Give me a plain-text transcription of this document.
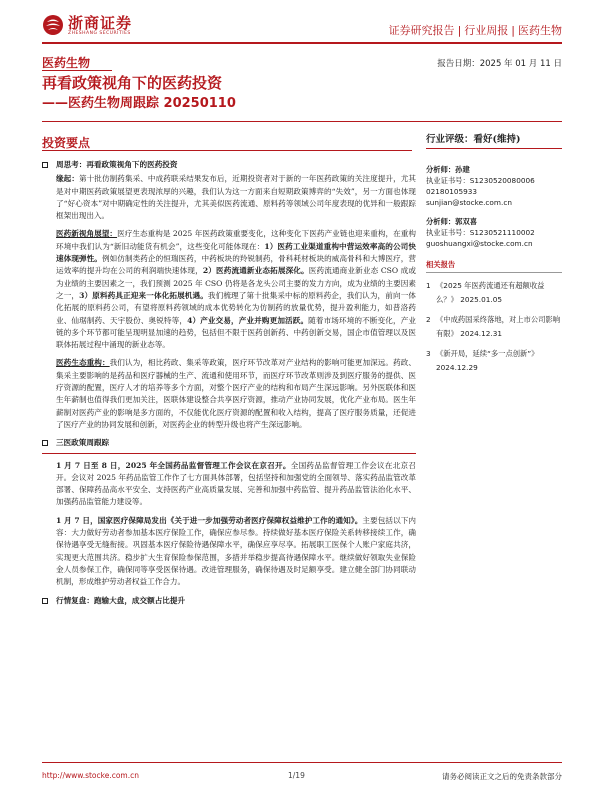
浙商证券
ZHESHANG SECURITIES	证券研究报告 | 行业周报 | 医药生物
医药生物	报告日期：2025 年 01 月 11 日
再看政策视角下的医药投资
——医药生物周跟踪 20250110
投资要点
周思考：再看政策视角下的医药投资
缘起：第十批仿制药集采、中成药联采结果发布后，近期投资者对于新的一年医药政策的关注度提升，尤其是对中期医药政策展望更表现浓厚的兴趣，我们认为这一方面来自短期政策博弈的“失效”，另一方面也体现了“好心资本”对中期确定性的关注提升，尤其美似医药流通、原料药等领域公司年度表现的优异和一般跟踪框架出现出入。
医药新视角展望：医疗生态重构是 2025 年医药政策重要变化，这种变化下医药产业链也迎来重构，在重构环境中我们认为“新旧动能货有机会”，这些变化可能体现在：1）医药工业渠道重构中营运效率高的公司快速体现弹性。例如仿制类药企的恒瑞医药，中药板块的羚锐制药，骨科耗材板块的威高骨科和大博医疗，营运效率的提升均在公司的利润端快速体现，2）医药流通新业态拓展深化。医药流通商业新业态 CSO 成或为业绩的主要因素之一，我们预测 2025 年 CSO 仍将是各龙头公司主要的发力方向，成为业绩的主要因素之一，3）原料药具正迎来一体化拓展机遇。我们梳理了第十批集采中标的原料药企，我们认为，前向一体化拓展的原料药公司，有望将原料药领域的成本优势转化为仿制药的放量优势，提升盈利能力，如普洛药业、仙琚制药、天宇股份、奥锐特等，4）产业交易，产业并购更加活跃。随着市场环境的不断变化，产业链的多个环节都可能呈现明显加速的趋势，包括但不限于医药创新药、中药创新交易，国企市值管理以及医联体拓展过程中涌现的新业态等。
医药生态重构：我们认为，相比药政、集采等政策，医疗环节改革对产业结构的影响可能更加深远。药政、集采主要影响的是药品和医疗器械的生产、流通和使用环节，而医疗环节改革则涉及到医疗服务的提供、医疗资源的配置，医疗人才的培养等多个方面，对整个医疗产业的结构和布局产生深远影响。另外医联体和医生年薪制也值得我们更加关注，医联体建设整合共享医疗资源，推动产业协同发展，优化产业布局。医生年薪制对医药产业的影响是多方面的，不仅能优化医疗资源的配置和收入结构，提高了医疗服务质量，还促进了医疗产业的协同发展和创新，对医药企业的转型升级也将产生深远影响。
三医政策周跟踪
1 月 7 日至 8 日，2025 年全国药品监督管理工作会议在京召开。全国药品监督管理工作会议在北京召开。会议对 2025 年药品监管工作作了七方面具体部署，包括坚持和加强党的全面领导、落实药品监管改革部署、保障药品高水平安全、支持医药产业高质量发展、完善和加强中药监管、提升药品监管法治化水平、加强药品监管能力建设等。
1 月 7 日，国家医疗保障局发出《关于进一步加强劳动者医疗保障权益维护工作的通知》。主要包括以下内容：大力做好劳动者参加基本医疗保险工作，确保应参尽参。持续做好基本医疗保险关系转移接续工作，确保待遇享受无缝衔接。巩固基本医疗保险待遇保障水平，确保应享尽享。拓展职工医保个人账户家庭共济，实现更大范围共济。稳步扩大生育保险参保范围，多措并举稳步提高待遇保障水平。继续做好领取失业保险金人员参保工作，确保同等享受医保待遇。改进管理服务，确保待遇及时足额享受。建立健全部门协同联动机制，形成维护劳动者权益工作合力。
行情复盘：跑输大盘，成交额占比提升
行业评级：看好(维持)
分析师：孙建
执业证书号：S1230520080006
02180105933
sunjian@stocke.com.cn
分析师：郭双喜
执业证书号：S1230521110002
guoshuangxi@stocke.com.cn
相关报告
1 《2025 年医药流通还有超额收益么？》 2025.01.05
2 《中成药国采终落地，对上市公司影响有限》 2024.12.31
3 《新开局，延续“多一点创新”》 2024.12.29
http://www.stocke.com.cn	1/19	请务必阅读正文之后的免责条款部分
